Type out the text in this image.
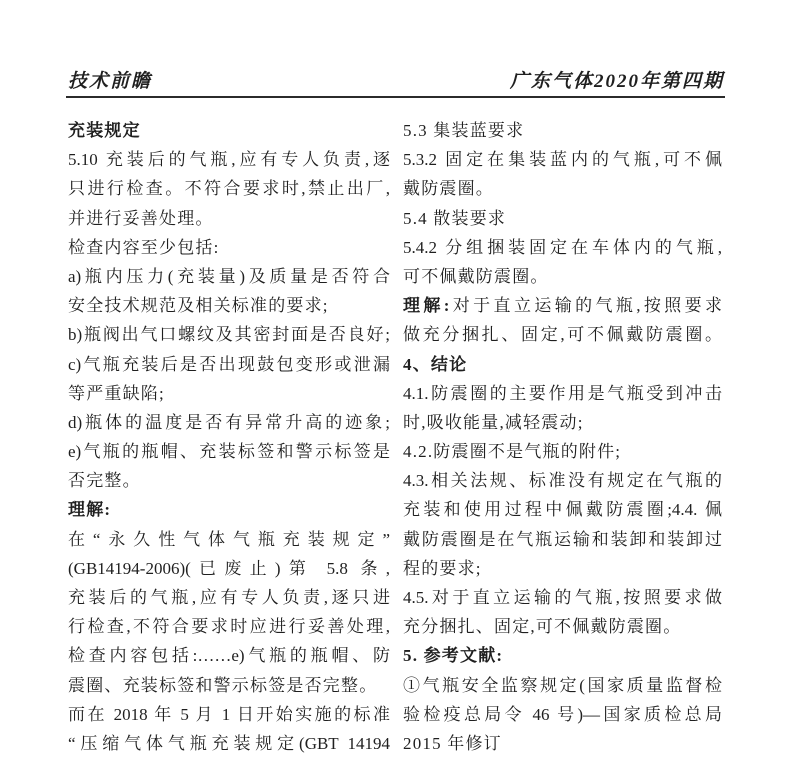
技术前瞻	广东气体2020年第四期
充装规定
5.10 充装后的气瓶,应有专人负责,逐
只进行检查。不符合要求时,禁止出厂,
并进行妥善处理。
检查内容至少包括:
a)瓶内压力(充装量)及质量是否符合
安全技术规范及相关标准的要求;
b)瓶阀出气口螺纹及其密封面是否良好;
c)气瓶充装后是否出现鼓包变形或泄漏
等严重缺陷;
d)瓶体的温度是否有异常升高的迹象;
e)气瓶的瓶帽、充装标签和警示标签是
否完整。
理解:
在“永久性气体气瓶充装规定”
(GB14194-2006)(已废止)第 5.8 条,
充装后的气瓶,应有专人负责,逐只进
行检查,不符合要求时应进行妥善处理,
检查内容包括:……e)气瓶的瓶帽、防
震圈、充装标签和警示标签是否完整。
而在 2018 年 5 月 1 日开始实施的标准
“压缩气体气瓶充装规定(GBT 14194
5.3 集装蓝要求
5.3.2 固定在集装蓝内的气瓶,可不佩
戴防震圈。
5.4 散装要求
5.4.2 分组捆装固定在车体内的气瓶,
可不佩戴防震圈。
理解:对于直立运输的气瓶,按照要求
做充分捆扎、固定,可不佩戴防震圈。
4、结论
4.1.防震圈的主要作用是气瓶受到冲击
时,吸收能量,减轻震动;
4.2.防震圈不是气瓶的附件;
4.3.相关法规、标准没有规定在气瓶的
充装和使用过程中佩戴防震圈;4.4. 佩
戴防震圈是在气瓶运输和装卸和装卸过
程的要求;
4.5.对于直立运输的气瓶,按照要求做
充分捆扎、固定,可不佩戴防震圈。
5. 参考文献:
①气瓶安全监察规定(国家质量监督检
验检疫总局令 46 号)—国家质检总局
2015 年修订
